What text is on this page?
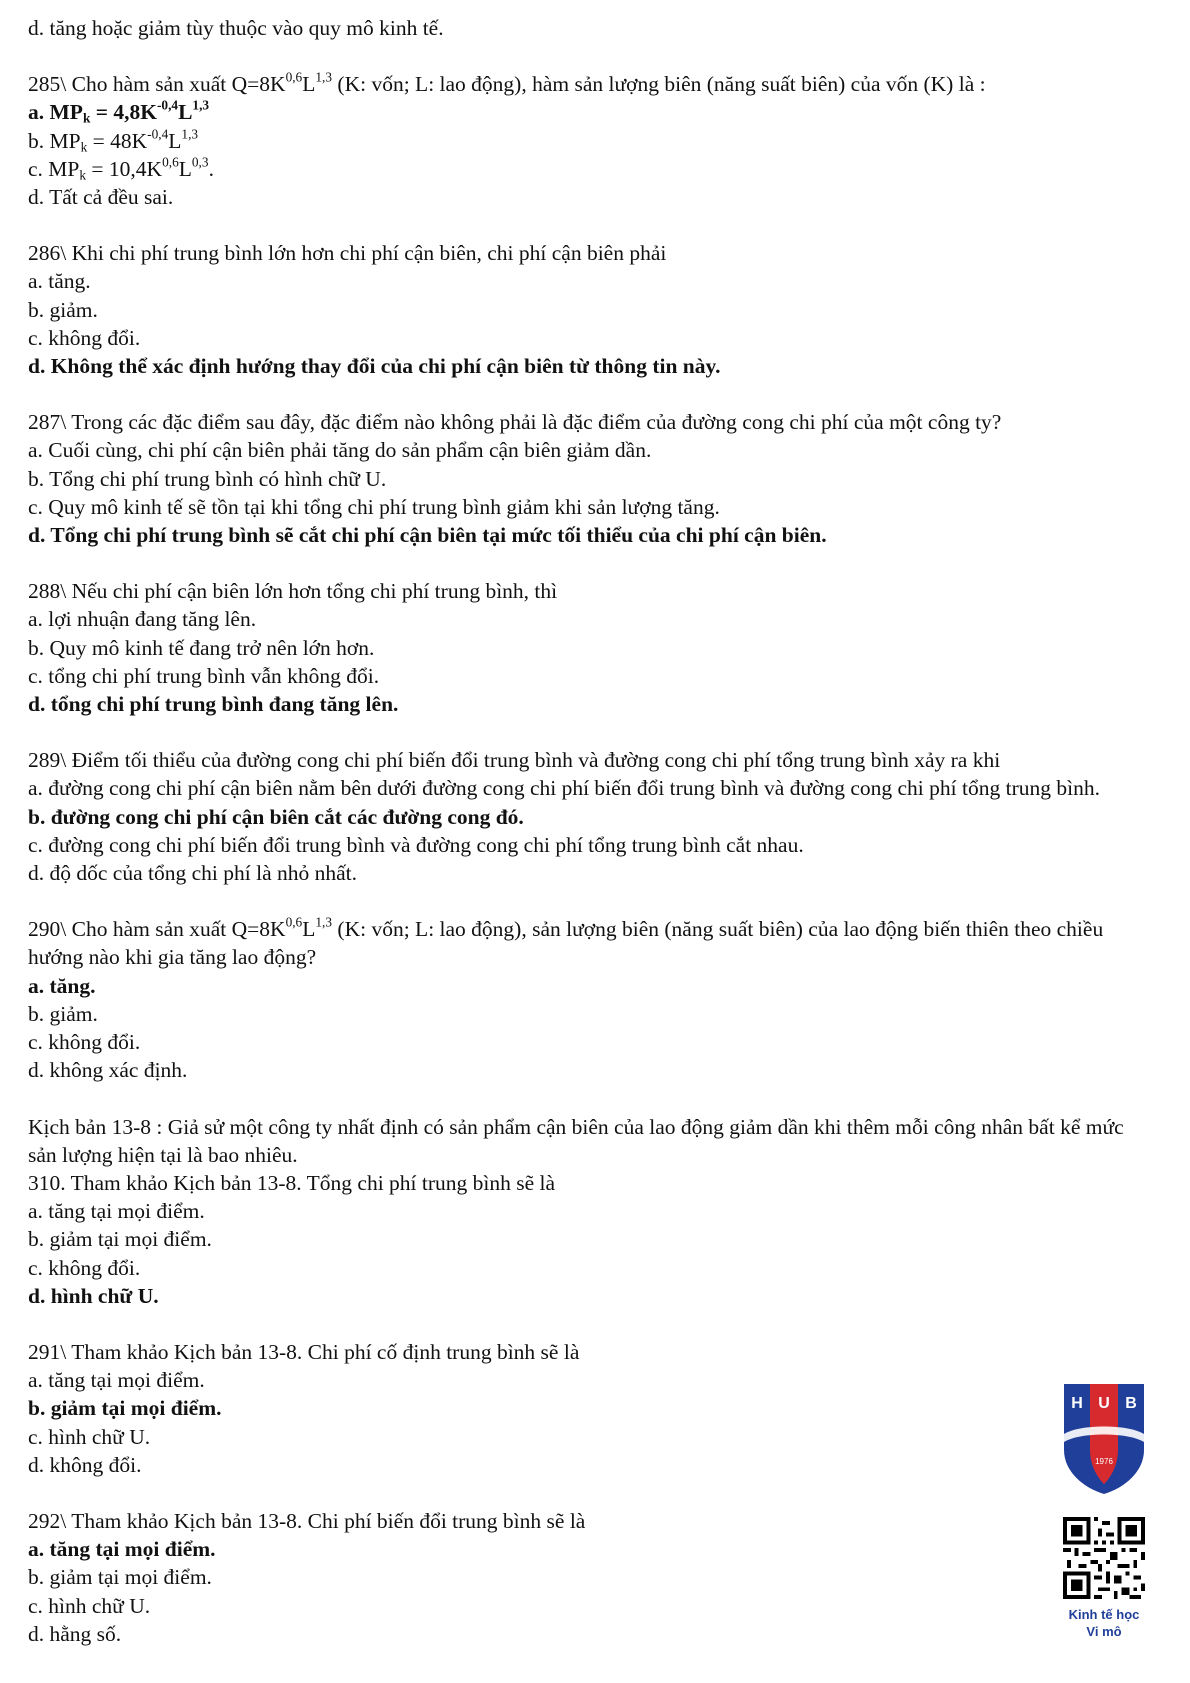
d. tăng hoặc giảm tùy thuộc vào quy mô kinh tế.
285\ Cho hàm sản xuất $Q=8K^{0,6}L^{1,3}$ (K: vốn; L: lao động), hàm sản lượng biên (năng suất biên) của vốn (K) là :
a. $MP_k = 4,8K^{-0,4}L^{1,3}$
b. $MP_k = 48K^{-0,4}L^{1,3}$
c. $MP_k = 10,4K^{0,6}L^{0,3}$.
d. Tất cả đều sai.
286\ Khi chi phí trung bình lớn hơn chi phí cận biên, chi phí cận biên phải
a. tăng.
b. giảm.
c. không đổi.
d. Không thể xác định hướng thay đổi của chi phí cận biên từ thông tin này.
287\ Trong các đặc điểm sau đây, đặc điểm nào không phải là đặc điểm của đường cong chi phí của một công ty?
a. Cuối cùng, chi phí cận biên phải tăng do sản phẩm cận biên giảm dần.
b. Tổng chi phí trung bình có hình chữ U.
c. Quy mô kinh tế sẽ tồn tại khi tổng chi phí trung bình giảm khi sản lượng tăng.
d. Tổng chi phí trung bình sẽ cắt chi phí cận biên tại mức tối thiểu của chi phí cận biên.
288\ Nếu chi phí cận biên lớn hơn tổng chi phí trung bình, thì
a. lợi nhuận đang tăng lên.
b. Quy mô kinh tế đang trở nên lớn hơn.
c. tổng chi phí trung bình vẫn không đổi.
d. tổng chi phí trung bình đang tăng lên.
289\ Điểm tối thiểu của đường cong chi phí biến đổi trung bình và đường cong chi phí tổng trung bình xảy ra khi
a. đường cong chi phí cận biên nằm bên dưới đường cong chi phí biến đổi trung bình và đường cong chi phí tổng trung bình.
b. đường cong chi phí cận biên cắt các đường cong đó.
c. đường cong chi phí biến đổi trung bình và đường cong chi phí tổng trung bình cắt nhau.
d. độ dốc của tổng chi phí là nhỏ nhất.
290\ Cho hàm sản xuất $Q=8K^{0,6}L^{1,3}$ (K: vốn; L: lao động), sản lượng biên (năng suất biên) của lao động biến thiên theo chiều hướng nào khi gia tăng lao động?
a. tăng.
b. giảm.
c. không đổi.
d. không xác định.
Kịch bản 13-8 : Giả sử một công ty nhất định có sản phẩm cận biên của lao động giảm dần khi thêm mỗi công nhân bất kể mức sản lượng hiện tại là bao nhiêu.
310. Tham khảo Kịch bản 13-8. Tổng chi phí trung bình sẽ là
a. tăng tại mọi điểm.
b. giảm tại mọi điểm.
c. không đổi.
d. hình chữ U.
291\ Tham khảo Kịch bản 13-8. Chi phí cố định trung bình sẽ là
a. tăng tại mọi điểm.
b. giảm tại mọi điểm.
c. hình chữ U.
d. không đổi.
292\ Tham khảo Kịch bản 13-8. Chi phí biến đổi trung bình sẽ là
a. tăng tại mọi điểm.
b. giảm tại mọi điểm.
c. hình chữ U.
d. hằng số.
H U B
1976
Kinh tế học
Vi mô
